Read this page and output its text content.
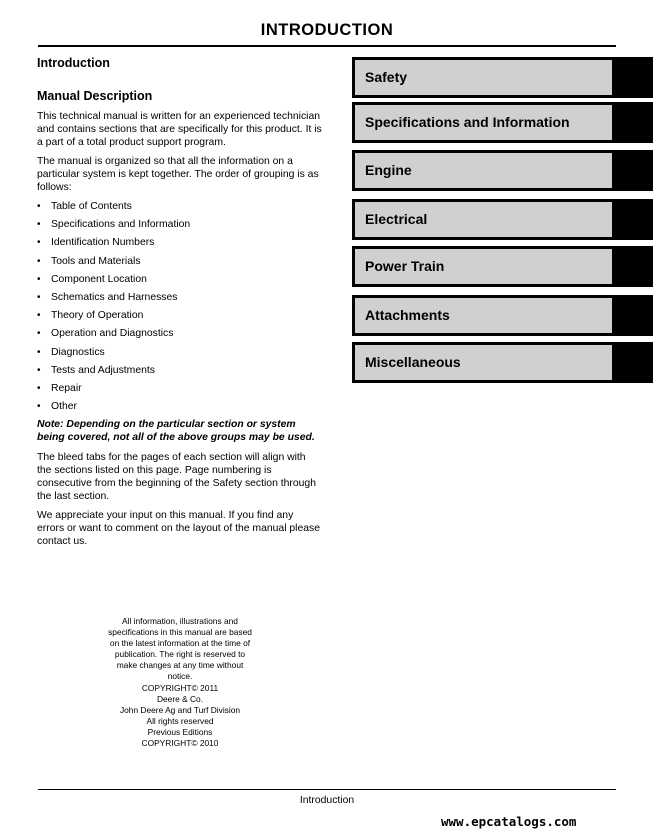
INTRODUCTION
Introduction
Manual Description

This technical manual is written for an experienced technician and contains sections that are specifically for this product. It is a part of a total product support program.

The manual is organized so that all the information on a particular system is kept together. The order of grouping is as follows:

• Table of Contents
• Specifications and Information
• Identification Numbers
• Tools and Materials
• Component Location
• Schematics and Harnesses
• Theory of Operation
• Operation and Diagnostics
• Diagnostics
• Tests and Adjustments
• Repair
• Other

Note: Depending on the particular section or system being covered, not all of the above groups may be used.

The bleed tabs for the pages of each section will align with the sections listed on this page. Page numbering is consecutive from the beginning of the Safety section through the last section.

We appreciate your input on this manual. If you find any errors or want to comment on the layout of the manual please contact us.

All information, illustrations and
specifications in this manual are based
on the latest information at the time of
publication. The right is reserved to
make changes at any time without
notice.
COPYRIGHT© 2011
Deere & Co.
John Deere Ag and Turf Division
All rights reserved
Previous Editions
COPYRIGHT© 2010
Safety
Specifications and Information
Engine
Electrical
Power Train
Attachments
Miscellaneous
Introduction
www.epcatalogs.com
